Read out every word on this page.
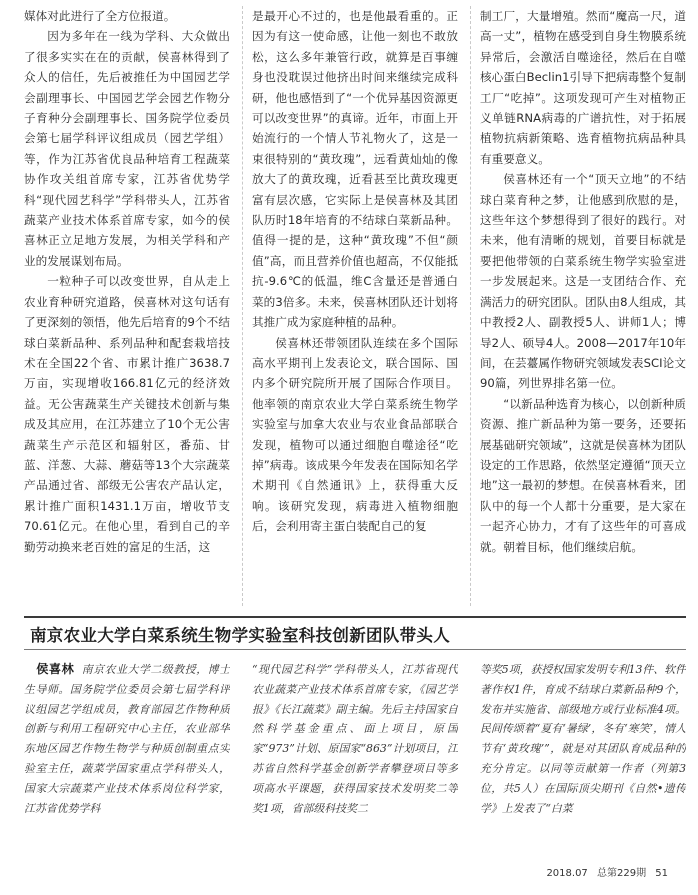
媒体对此进行了全方位报道。

因为多年在一线为学科、大众做出了很多实实在在的贡献，侯喜林得到了众人的信任，先后被推任为中国园艺学会副理事长、中国园艺学会园艺作物分子育种分会副理事长、国务院学位委员会第七届学科评议组成员（园艺学组）等，作为江苏省优良品种培育工程蔬菜协作攻关组首席专家，江苏省优势学科“现代园艺科学”学科带头人，江苏省蔬菜产业技术体系首席专家，如今的侯喜林正立足地方发展，为相关学科和产业的发展谋划布局。

一粒种子可以改变世界，自从走上农业育种研究道路，侯喜林对这句话有了更深刻的领悟，他先后培育的9个不结球白菜新品种、系列品种和配套栽培技术在全国22个省、市累计推广3638.7万亩，实现增收166.81亿元的经济效益。无公害蔬菜生产关键技术创新与集成及其应用，在江苏建立了10个无公害蔬菜生产示范区和辐射区，番茄、甘蓝、洋葱、大蒜、蘑菇等13个大宗蔬菜产品通过省、部级无公害农产品认定，累计推广面积1431.1万亩，增收节支70.61亿元。在他心里，看到自己的辛勤劳动换来老百姓的富足的生活，这

是最开心不过的，也是他最看重的。正因为有这一使命感，让他一刻也不敢放松，这么多年兼管行政，就算是百事缠身也没耽误过他挤出时间来继续完成科研，他也感悟到了“一个优异基因资源更可以改变世界”的真谛。近年，市面上开始流行的一个情人节礼物火了，这是一束很特别的“黄玫瑰”，远看黄灿灿的像放大了的黄玫瑰，近看甚至比黄玫瑰更富有层次感，它实际上是侯喜林及其团队历时18年培育的不结球白菜新品种。值得一提的是，这种“黄玫瑰”不但“颜值”高，而且营养价值也超高，不仅能抵抗-9.6℃的低温，维C含量还是普通白菜的3倍多。未来，侯喜林团队还计划将其推广成为家庭种植的品种。

侯喜林还带领团队连续在多个国际高水平期刊上发表论文，联合国际、国内多个研究院所开展了国际合作项目。他率领的南京农业大学白菜系统生物学实验室与加拿大农业与农业食品部联合发现，植物可以通过细胞自噬途径“吃掉”病毒。该成果今年发表在国际知名学术期刊《自然通讯》上，获得重大反响。该研究发现，病毒进入植物细胞后，会利用寄主蛋白装配自己的复

制工厂，大量增殖。然而“魔高一尺，道高一丈”，植物在感受到自身生物膜系统异常后，会激活自噬途径，然后在自噬核心蛋白Beclin1引导下把病毒整个复制工厂“吃掉”。这项发现可产生对植物正义单链RNA病毒的广谱抗性，对于拓展植物抗病新策略、选育植物抗病品种具有重要意义。

侯喜林还有一个“顶天立地”的不结球白菜育种之梦，让他感到欣慰的是，这些年这个梦想得到了很好的践行。对未来，他有清晰的规划，首要目标就是要把他带领的白菜系统生物学实验室进一步发展起来。这是一支团结合作、充满活力的研究团队。团队由8人组成，其中教授2人、副教授5人、讲师1人；博导2人、硕导4人。2008—2017年10年间，在芸薹属作物研究领域发表SCI论文90篇，列世界排名第一位。

“以新品种选育为核心，以创新种质资源、推广新品种为第一要务，还要拓展基础研究领域”，这就是侯喜林为团队设定的工作思路，依然坚定遵循“顶天立地”这一最初的梦想。在侯喜林看来，团队中的每一个人都十分重要，是大家在一起齐心协力，才有了这些年的可喜成就。朝着目标，他们继续启航。

南京农业大学白菜系统生物学实验室科技创新团队带头人

侯喜林 南京农业大学二级教授，博士生导师。国务院学位委员会第七届学科评议组园艺学组成员，教育部园艺作物种质创新与利用工程研究中心主任，农业部华东地区园艺作物生物学与种质创制重点实验室主任，蔬菜学国家重点学科带头人，国家大宗蔬菜产业技术体系岗位科学家，江苏省优势学科

“现代园艺科学”学科带头人，江苏省现代农业蔬菜产业技术体系首席专家，《园艺学报》《长江蔬菜》副主编。先后主持国家自然科学基金重点、面上项目，原国家“973”计划、原国家“863”计划项目，江苏省自然科学基金创新学者攀登项目等多项高水平课题，获得国家技术发明奖二等奖1项，省部级科技奖二

等奖5项，获授权国家发明专利13件、软件著作权1件，育成不结球白菜新品种9个，发布并实施省、部级地方或行业标准4项。民间传颂着“夏有‘暑绿’，冬有‘寒笑’，情人节有‘黄玫瑰’”，就是对其团队育成品种的充分肯定。以同等贡献第一作者（列第3位，共5人）在国际顶尖期刊《自然•遗传学》上发表了“白菜

2018.07 总第229期 51
